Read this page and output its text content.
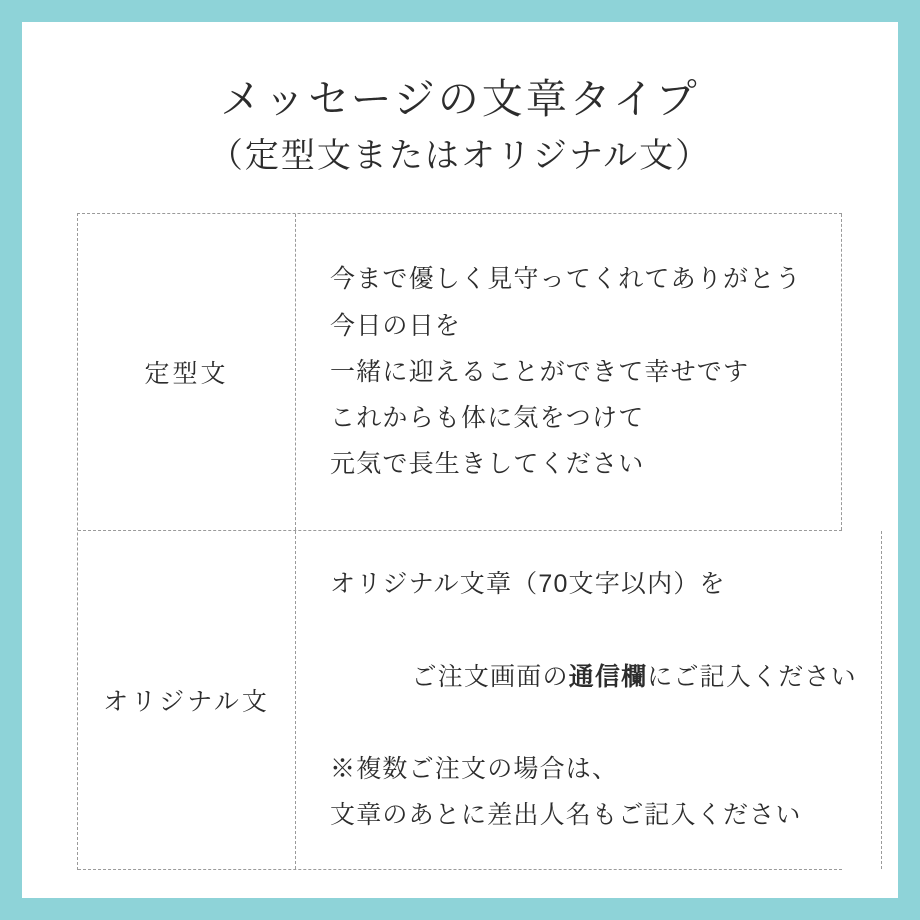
メッセージの文章タイプ
（定型文またはオリジナル文）
定型文
今まで優しく見守ってくれてありがとう
今日の日を
一緒に迎えることができて幸せです
これからも体に気をつけて
元気で長生きしてください
オリジナル文
オリジナル文章（70文字以内）を

ご注文画面の通信欄にご記入ください

※複数ご注文の場合は、
文章のあとに差出人名もご記入ください
